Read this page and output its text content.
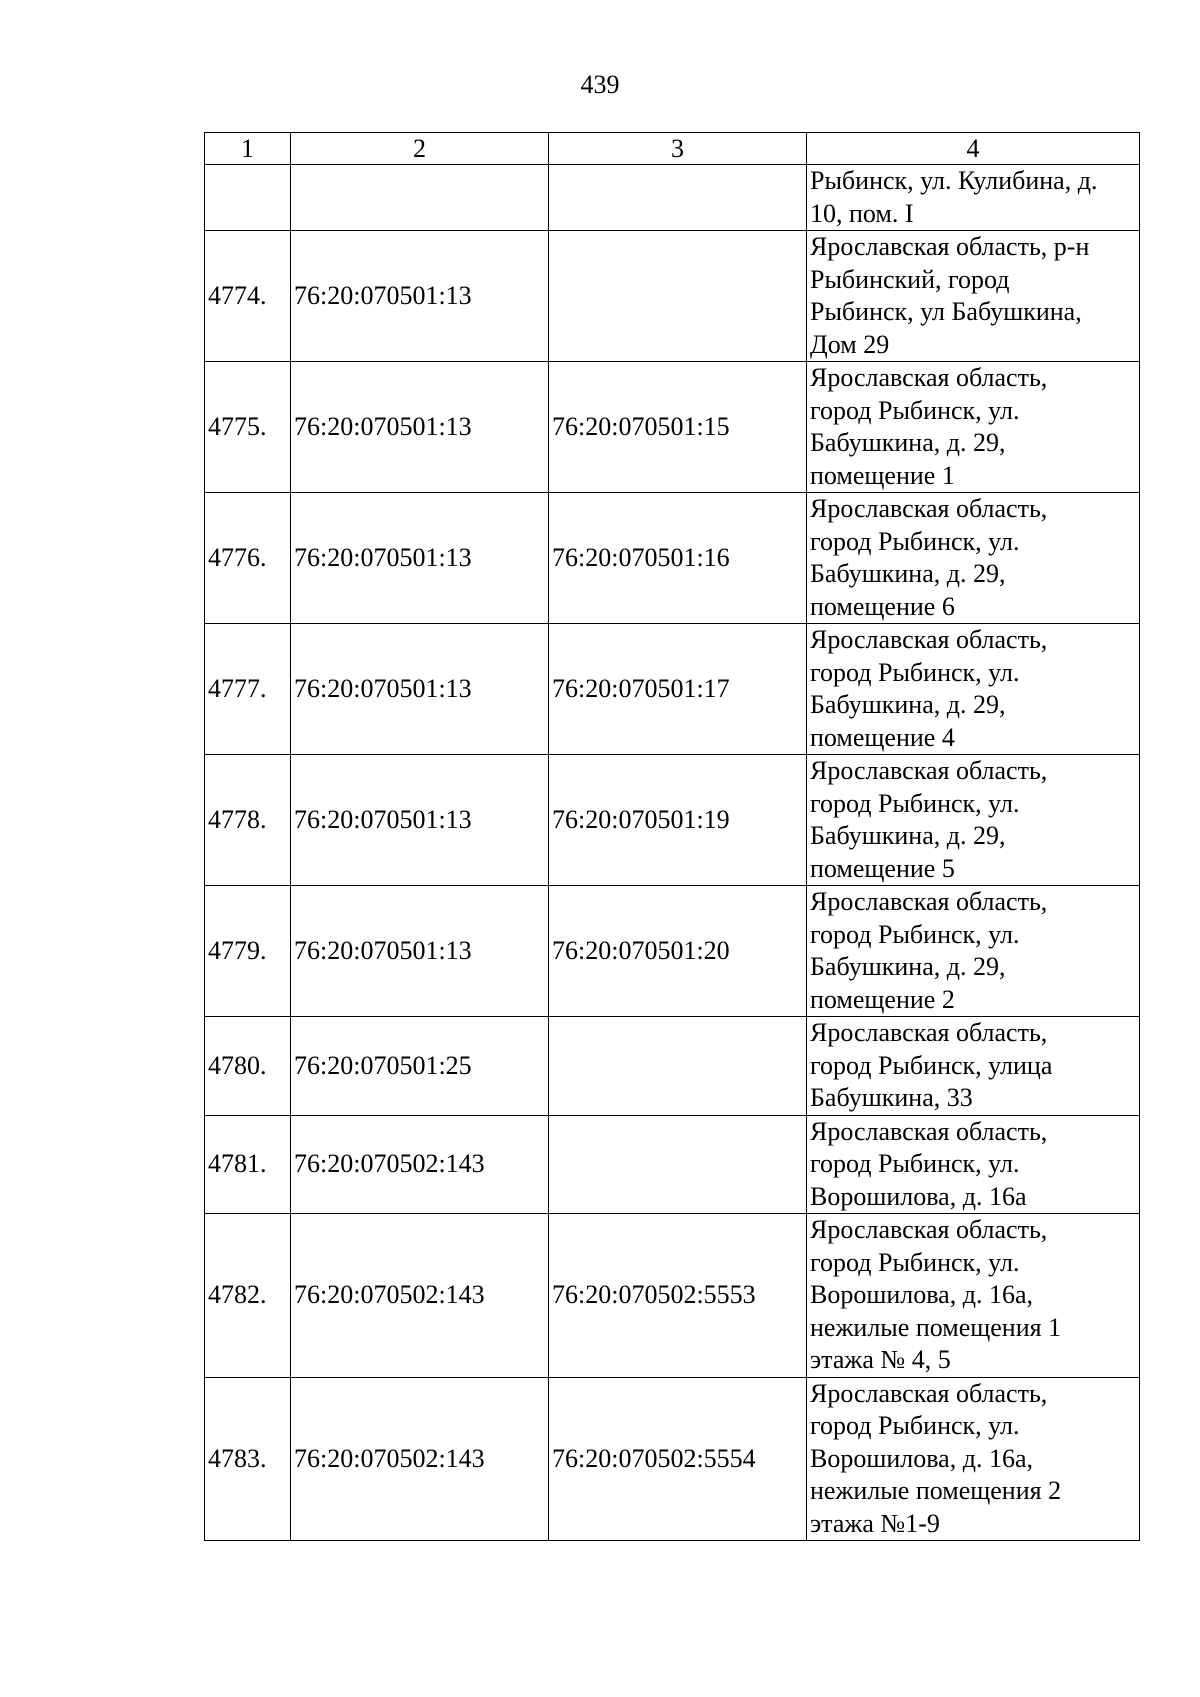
439
1	2	3	4
			Рыбинск, ул. Кулибина, д.
10, пом. I
4774.	76:20:070501:13		Ярославская область, р-н
Рыбинский, город
Рыбинск, ул Бабушкина,
Дом 29
4775.	76:20:070501:13	76:20:070501:15	Ярославская область,
город Рыбинск, ул.
Бабушкина, д. 29,
помещение 1
4776.	76:20:070501:13	76:20:070501:16	Ярославская область,
город Рыбинск, ул.
Бабушкина, д. 29,
помещение 6
4777.	76:20:070501:13	76:20:070501:17	Ярославская область,
город Рыбинск, ул.
Бабушкина, д. 29,
помещение 4
4778.	76:20:070501:13	76:20:070501:19	Ярославская область,
город Рыбинск, ул.
Бабушкина, д. 29,
помещение 5
4779.	76:20:070501:13	76:20:070501:20	Ярославская область,
город Рыбинск, ул.
Бабушкина, д. 29,
помещение 2
4780.	76:20:070501:25		Ярославская область,
город Рыбинск, улица
Бабушкина, 33
4781.	76:20:070502:143		Ярославская область,
город Рыбинск, ул.
Ворошилова, д. 16а
4782.	76:20:070502:143	76:20:070502:5553	Ярославская область,
город Рыбинск, ул.
Ворошилова, д. 16а,
нежилые помещения 1
этажа № 4, 5
4783.	76:20:070502:143	76:20:070502:5554	Ярославская область,
город Рыбинск, ул.
Ворошилова, д. 16а,
нежилые помещения 2
этажа №1-9
